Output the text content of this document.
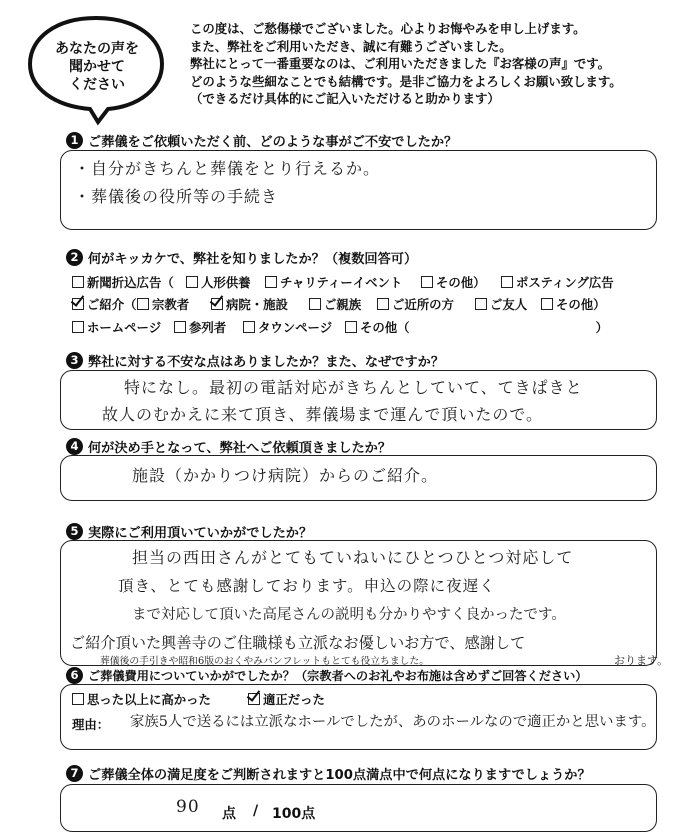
あなたの声を
聞かせて
ください
この度は、ご愁傷様でございました。心よりお悔やみを申し上げます。
また、弊社をご利用いただき、誠に有難うございました。
弊社にとって一番重要なのは、ご利用いただきました『お客様の声』です。
どのような些細なことでも結構です。是非ご協力をよろしくお願い致します。
（できるだけ具体的にご記入いただけると助かります）
1 ご葬儀をご依頼いただく前、どのような事がご不安でしたか？
・自分がきちんと葬儀をとり行えるか。
・葬儀後の役所等の手続き
2 何がキッカケで、弊社を知りましたか？（複数回答可）
新聞折込広告（	人形供養	チャリティーイベント	その他）	ポスティング広告
ご紹介（	宗教者	病院・施設	ご親族	ご近所の方	ご友人	その他）
ホームページ	参列者	タウンページ	その他（	）
3 弊社に対する不安な点はありましたか？また、なぜですか？
特になし。最初の電話対応がきちんとしていて、てきぱきと
故人のむかえに来て頂き、葬儀場まで運んで頂いたので。
4 何が決め手となって、弊社へご依頼頂きましたか？
施設（かかりつけ病院）からのご紹介。
5 実際にご利用頂いていかがでしたか？
担当の西田さんがとてもていねいにひとつひとつ対応して
頂き、とても感謝しております。申込の際に夜遅く
まで対応して頂いた高尾さんの説明も分かりやすく良かったです。
ご紹介頂いた興善寺のご住職様も立派なお優しいお方で、感謝して
葬儀後の手引きや昭和6版のおくやみパンフレットもとても役立ちました。	おります。
6 ご葬儀費用についていかがでしたか？（宗教者へのお礼やお布施は含めずご回答ください）
思った以上に高かった	適正だった
理由： 家族5人で送るには立派なホールでしたが、あのホールなので適正かと思います。
7 ご葬儀全体の満足度をご判断されますと100点満点中で何点になりますでしょうか？
90 点 / 100点
